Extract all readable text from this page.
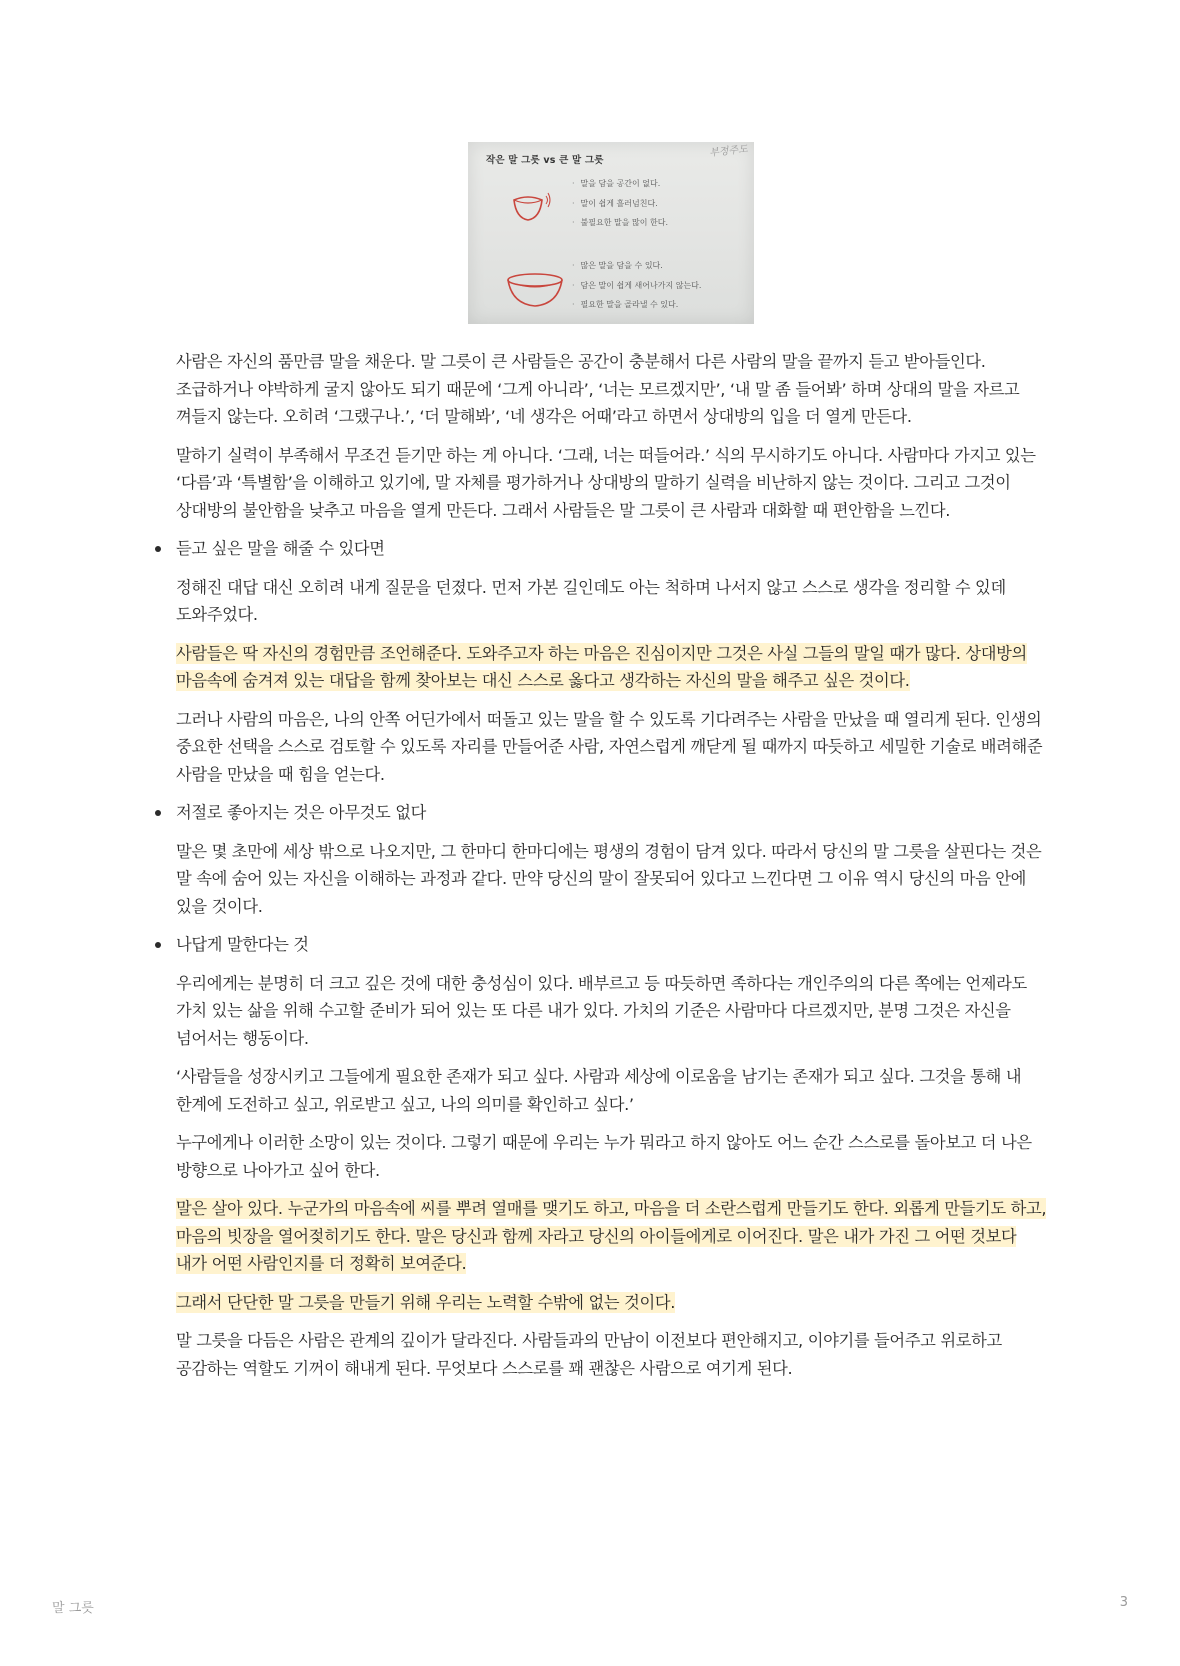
작은 말 그릇 vs 큰 말 그릇
부정주도
· 말을 담을 공간이 없다.
· 말이 쉽게 흘러넘친다.
· 불필요한 말을 많이 한다.
· 많은 말을 담을 수 있다.
· 담은 말이 쉽게 새어나가지 않는다.
· 필요한 말을 골라낼 수 있다.

사람은 자신의 품만큼 말을 채운다. 말 그릇이 큰 사람들은 공간이 충분해서 다른 사람의 말을 끝까지 듣고 받아들인다. 조급하거나 야박하게 굴지 않아도 되기 때문에 ‘그게 아니라’, ‘너는 모르겠지만’, ‘내 말 좀 들어봐’ 하며 상대의 말을 자르고 껴들지 않는다. 오히려 ‘그랬구나.’, ‘더 말해봐’, ‘네 생각은 어때’라고 하면서 상대방의 입을 더 열게 만든다.

말하기 실력이 부족해서 무조건 듣기만 하는 게 아니다. ‘그래, 너는 떠들어라.’ 식의 무시하기도 아니다. 사람마다 가지고 있는 ‘다름’과 ‘특별함’을 이해하고 있기에, 말 자체를 평가하거나 상대방의 말하기 실력을 비난하지 않는 것이다. 그리고 그것이 상대방의 불안함을 낮추고 마음을 열게 만든다. 그래서 사람들은 말 그릇이 큰 사람과 대화할 때 편안함을 느낀다.

듣고 싶은 말을 해줄 수 있다면

정해진 대답 대신 오히려 내게 질문을 던졌다. 먼저 가본 길인데도 아는 척하며 나서지 않고 스스로 생각을 정리할 수 있데 도와주었다.

사람들은 딱 자신의 경험만큼 조언해준다. 도와주고자 하는 마음은 진심이지만 그것은 사실 그들의 말일 때가 많다. 상대방의 마음속에 숨겨져 있는 대답을 함께 찾아보는 대신 스스로 옳다고 생각하는 자신의 말을 해주고 싶은 것이다.

그러나 사람의 마음은, 나의 안쪽 어딘가에서 떠돌고 있는 말을 할 수 있도록 기다려주는 사람을 만났을 때 열리게 된다. 인생의 중요한 선택을 스스로 검토할 수 있도록 자리를 만들어준 사람, 자연스럽게 깨닫게 될 때까지 따듯하고 세밀한 기술로 배려해준 사람을 만났을 때 힘을 얻는다.

저절로 좋아지는 것은 아무것도 없다

말은 몇 초만에 세상 밖으로 나오지만, 그 한마디 한마디에는 평생의 경험이 담겨 있다. 따라서 당신의 말 그릇을 살핀다는 것은 말 속에 숨어 있는 자신을 이해하는 과정과 같다. 만약 당신의 말이 잘못되어 있다고 느낀다면 그 이유 역시 당신의 마음 안에 있을 것이다.

나답게 말한다는 것

우리에게는 분명히 더 크고 깊은 것에 대한 충성심이 있다. 배부르고 등 따듯하면 족하다는 개인주의의 다른 쪽에는 언제라도 가치 있는 삶을 위해 수고할 준비가 되어 있는 또 다른 내가 있다. 가치의 기준은 사람마다 다르겠지만, 분명 그것은 자신을 넘어서는 행동이다.

‘사람들을 성장시키고 그들에게 필요한 존재가 되고 싶다. 사람과 세상에 이로움을 남기는 존재가 되고 싶다. 그것을 통해 내 한계에 도전하고 싶고, 위로받고 싶고, 나의 의미를 확인하고 싶다.’

누구에게나 이러한 소망이 있는 것이다. 그렇기 때문에 우리는 누가 뭐라고 하지 않아도 어느 순간 스스로를 돌아보고 더 나은 방향으로 나아가고 싶어 한다.

말은 살아 있다. 누군가의 마음속에 씨를 뿌려 열매를 맺기도 하고, 마음을 더 소란스럽게 만들기도 한다. 외롭게 만들기도 하고, 마음의 빗장을 열어젖히기도 한다. 말은 당신과 함께 자라고 당신의 아이들에게로 이어진다. 말은 내가 가진 그 어떤 것보다 내가 어떤 사람인지를 더 정확히 보여준다.

그래서 단단한 말 그릇을 만들기 위해 우리는 노력할 수밖에 없는 것이다.

말 그릇을 다듬은 사람은 관계의 깊이가 달라진다. 사람들과의 만남이 이전보다 편안해지고, 이야기를 들어주고 위로하고 공감하는 역할도 기꺼이 해내게 된다. 무엇보다 스스로를 꽤 괜찮은 사람으로 여기게 된다.

말 그릇	3
